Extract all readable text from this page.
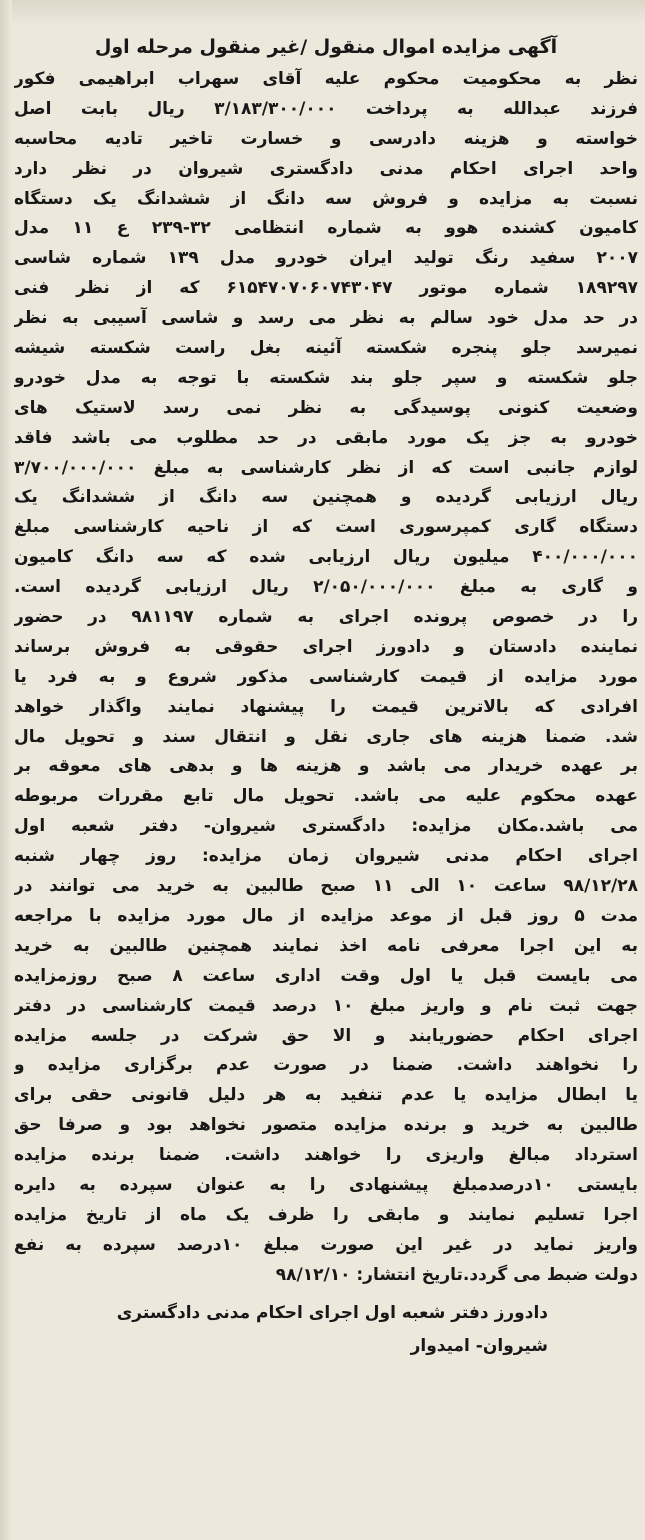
آگهی مزایده اموال منقول /غیر منقول مرحله اول
نظر به محکومیت محکوم علیه آقای سهراب ابراهیمی فکور
فرزند عبدالله به پرداخت ۳/۱۸۳/۳۰۰/۰۰۰ ریال بابت اصل
خواسته و هزینه دادرسی و خسارت تاخیر تادیه محاسبه
واحد اجرای احکام مدنی دادگستری شیروان در نظر دارد
نسبت به مزایده و فروش سه دانگ از ششدانگ یک دستگاه
کامیون کشنده هوو به شماره انتظامی ۳۲-۲۳۹ ع ۱۱ مدل
۲۰۰۷ سفید رنگ تولید ایران خودرو مدل ۱۳۹ شماره شاسی
۱۸۹۲۹۷ شماره موتور ۶۱۵۴۷۰۷۰۶۰۷۴۳۰۴۷ که از نظر فنی
در حد مدل خود سالم به نظر می رسد و شاسی آسیبی به نظر
نمیرسد جلو پنجره شکسته آئینه بغل راست شکسته شیشه
جلو شکسته و سپر جلو بند شکسته با توجه به مدل خودرو
وضعیت کنونی پوسیدگی به نظر نمی رسد لاستیک های
خودرو به جز یک مورد مابقی در حد مطلوب می باشد فاقد
لوازم جانبی است که از نظر کارشناسی به مبلغ ۳/۷۰۰/۰۰۰/۰۰۰
ریال ارزیابی گردیده و همچنین سه دانگ از ششدانگ یک
دستگاه گاری کمپرسوری است که از ناحیه کارشناسی مبلغ
۴۰۰/۰۰۰/۰۰۰ میلیون ریال ارزیابی شده که سه دانگ کامیون
و گاری به مبلغ ۲/۰۵۰/۰۰۰/۰۰۰ ریال ارزیابی گردیده است.
را در خصوص پرونده اجرای به شماره ۹۸۱۱۹۷ در حضور
نماینده دادستان و دادورز اجرای حقوقی به فروش برساند
مورد مزایده از قیمت کارشناسی مذکور شروع و به فرد یا
افرادی که بالاترین قیمت را پیشنهاد نمایند واگذار خواهد
شد. ضمنا هزینه های جاری نقل و انتقال سند و تحویل مال
بر عهده خریدار می باشد و هزینه ها و بدهی های معوقه بر
عهده محکوم علیه می باشد. تحویل مال تابع مقررات مربوطه
می باشد.مکان مزایده: دادگستری شیروان- دفتر شعبه اول
اجرای احکام مدنی شیروان زمان مزایده: روز چهار شنبه
۹۸/۱۲/۲۸ ساعت ۱۰ الی ۱۱ صبح طالبین به خرید می توانند در
مدت ۵ روز قبل از موعد مزایده از مال مورد مزایده با مراجعه
به این اجرا معرفی نامه اخذ نمایند همچنین طالبین به خرید
می بایست قبل یا اول وقت اداری ساعت ۸ صبح روزمزایده
جهت ثبت نام و واریز مبلغ ۱۰ درصد قیمت کارشناسی در دفتر
اجرای احکام حضوریابند و الا حق شرکت در جلسه مزایده
را نخواهند داشت. ضمنا در صورت عدم برگزاری مزایده و
یا ابطال مزایده یا عدم تنفید به هر دلیل قانونی حقی برای
طالبین به خرید و برنده مزایده متصور نخواهد بود و صرفا حق
استرداد مبالغ واریزی را خواهند داشت. ضمنا برنده مزایده
بایستی ۱۰درصدمبلغ پیشنهادی را به عنوان سپرده به دایره
اجرا تسلیم نمایند و مابقی را ظرف یک ماه از تاریخ مزایده
واریز نماید در غیر این صورت مبلغ ۱۰درصد سپرده به نفع
دولت ضبط می گردد.تاریخ انتشار: ۹۸/۱۲/۱۰
دادورز دفتر شعبه اول اجرای احکام مدنی دادگستری
شیروان- امیدوار
